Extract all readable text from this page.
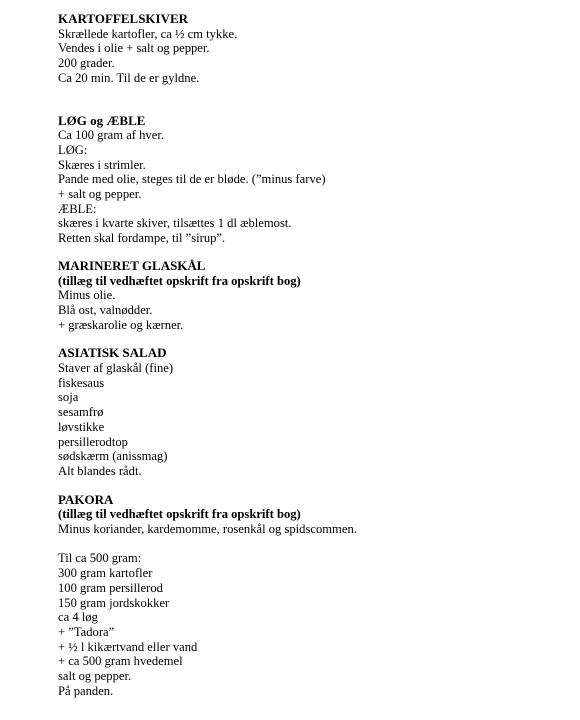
KARTOFFELSKIVER
Skrællede kartofler, ca ½ cm tykke.
Vendes i olie + salt og pepper.
200 grader.
Ca 20 min. Til de er gyldne.
LØG og ÆBLE
Ca 100 gram af hver.
LØG:
Skæres i strimler.
Pande med olie, steges til de er bløde. (”minus farve)
+ salt og pepper.
ÆBLE:
skæres i kvarte skiver, tilsættes 1 dl æblemost.
Retten skal fordampe, til ”sirup”.
MARINERET GLASKÅL
(tillæg til vedhæftet opskrift fra opskrift bog)
Minus olie.
Blå ost, valnødder.
+ græskarolie og kærner.
ASIATISK SALAD
Staver af glaskål (fine)
fiskesaus
soja
sesamfrø
løvstikke
persillerodtop
sødskærm (anissmag)
Alt blandes rådt.
PAKORA
(tillæg til vedhæftet opskrift fra opskrift bog)
Minus koriander, kardemomme, rosenkål og spidscommen.
Til ca 500 gram:
300 gram kartofler
100 gram persillerod
150 gram jordskokker
ca 4 løg
+ ”Tadora”
+ ½ l kikærtvand eller vand
+ ca 500 gram hvedemel
salt og pepper.
På panden.
